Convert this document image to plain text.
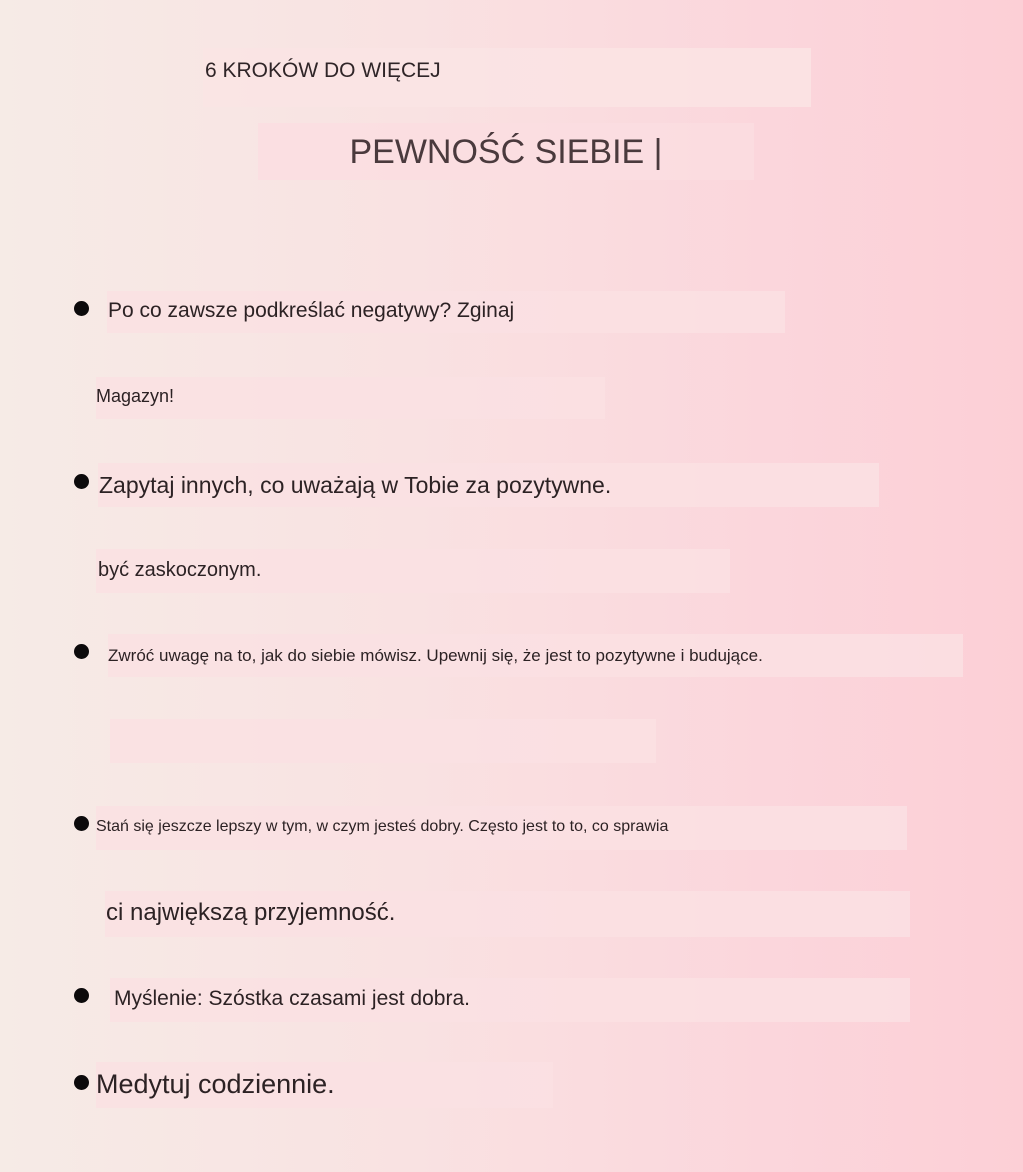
6 KROKÓW DO WIĘCEJ
PEWNOŚĆ SIEBIE |
Po co zawsze podkreślać negatywy? Zginaj
Magazyn!
Zapytaj innych, co uważają w Tobie za pozytywne.
być zaskoczonym.
Zwróć uwagę na to, jak do siebie mówisz. Upewnij się, że jest to pozytywne i budujące.
Stań się jeszcze lepszy w tym, w czym jesteś dobry. Często jest to to, co sprawia
ci największą przyjemność.
Myślenie: Szóstka czasami jest dobra.
Medytuj codziennie.
